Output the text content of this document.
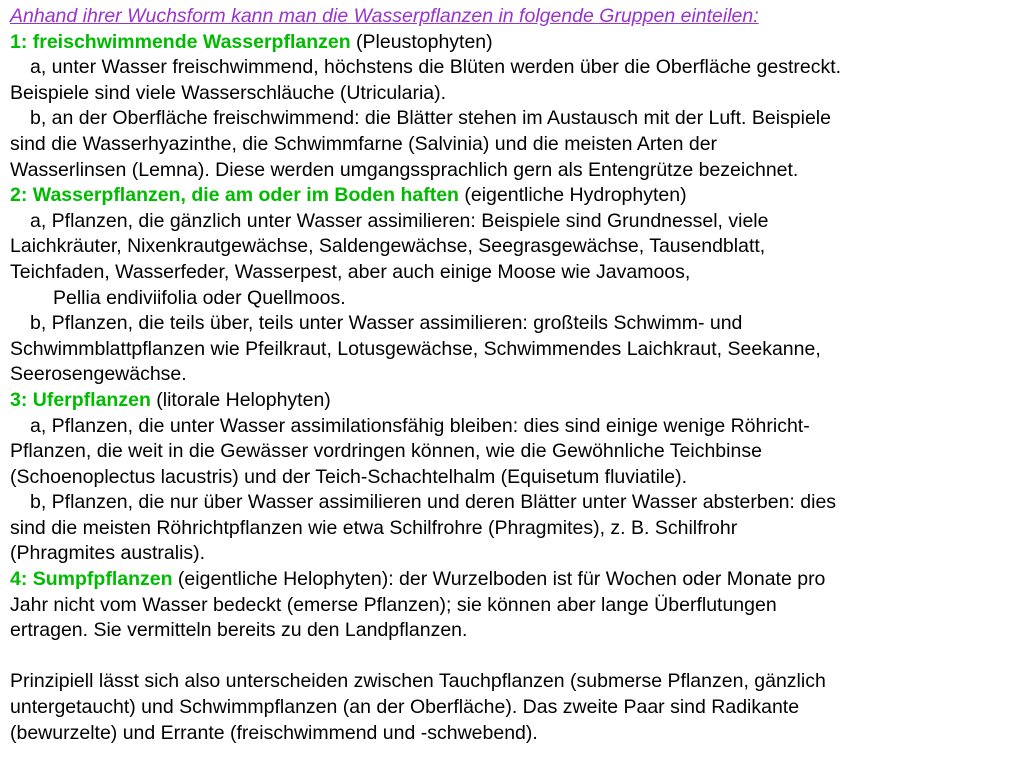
Anhand ihrer Wuchsform kann man die Wasserpflanzen in folgende Gruppen einteilen:
1: freischwimmende Wasserpflanzen (Pleustophyten)
a, unter Wasser freischwimmend, höchstens die Blüten werden über die Oberfläche gestreckt.
Beispiele sind viele Wasserschläuche (Utricularia).
b, an der Oberfläche freischwimmend: die Blätter stehen im Austausch mit der Luft. Beispiele
sind die Wasserhyazinthe, die Schwimmfarne (Salvinia) und die meisten Arten der
Wasserlinsen (Lemna). Diese werden umgangssprachlich gern als Entengrütze bezeichnet.
2: Wasserpflanzen, die am oder im Boden haften (eigentliche Hydrophyten)
a, Pflanzen, die gänzlich unter Wasser assimilieren: Beispiele sind Grundnessel, viele
Laichkräuter, Nixenkrautgewächse, Saldengewächse, Seegrasgewächse, Tausendblatt,
Teichfaden, Wasserfeder, Wasserpest, aber auch einige Moose wie Javamoos,
Pellia endiviifolia oder Quellmoos.
b, Pflanzen, die teils über, teils unter Wasser assimilieren: großteils Schwimm- und
Schwimmblattpflanzen wie Pfeilkraut, Lotusgewächse, Schwimmendes Laichkraut, Seekanne,
Seerosengewächse.
3: Uferpflanzen (litorale Helophyten)
a, Pflanzen, die unter Wasser assimilationsfähig bleiben: dies sind einige wenige Röhricht-
Pflanzen, die weit in die Gewässer vordringen können, wie die Gewöhnliche Teichbinse
(Schoenoplectus lacustris) und der Teich-Schachtelhalm (Equisetum fluviatile).
b, Pflanzen, die nur über Wasser assimilieren und deren Blätter unter Wasser absterben: dies
sind die meisten Röhrichtpflanzen wie etwa Schilfrohre (Phragmites), z. B. Schilfrohr
(Phragmites australis).
4: Sumpfpflanzen (eigentliche Helophyten): der Wurzelboden ist für Wochen oder Monate pro
Jahr nicht vom Wasser bedeckt (emerse Pflanzen); sie können aber lange Überflutungen
ertragen. Sie vermitteln bereits zu den Landpflanzen.
Prinzipiell lässt sich also unterscheiden zwischen Tauchpflanzen (submerse Pflanzen, gänzlich
untergetaucht) und Schwimmpflanzen (an der Oberfläche). Das zweite Paar sind Radikante
(bewurzelte) und Errante (freischwimmend und -schwebend).
